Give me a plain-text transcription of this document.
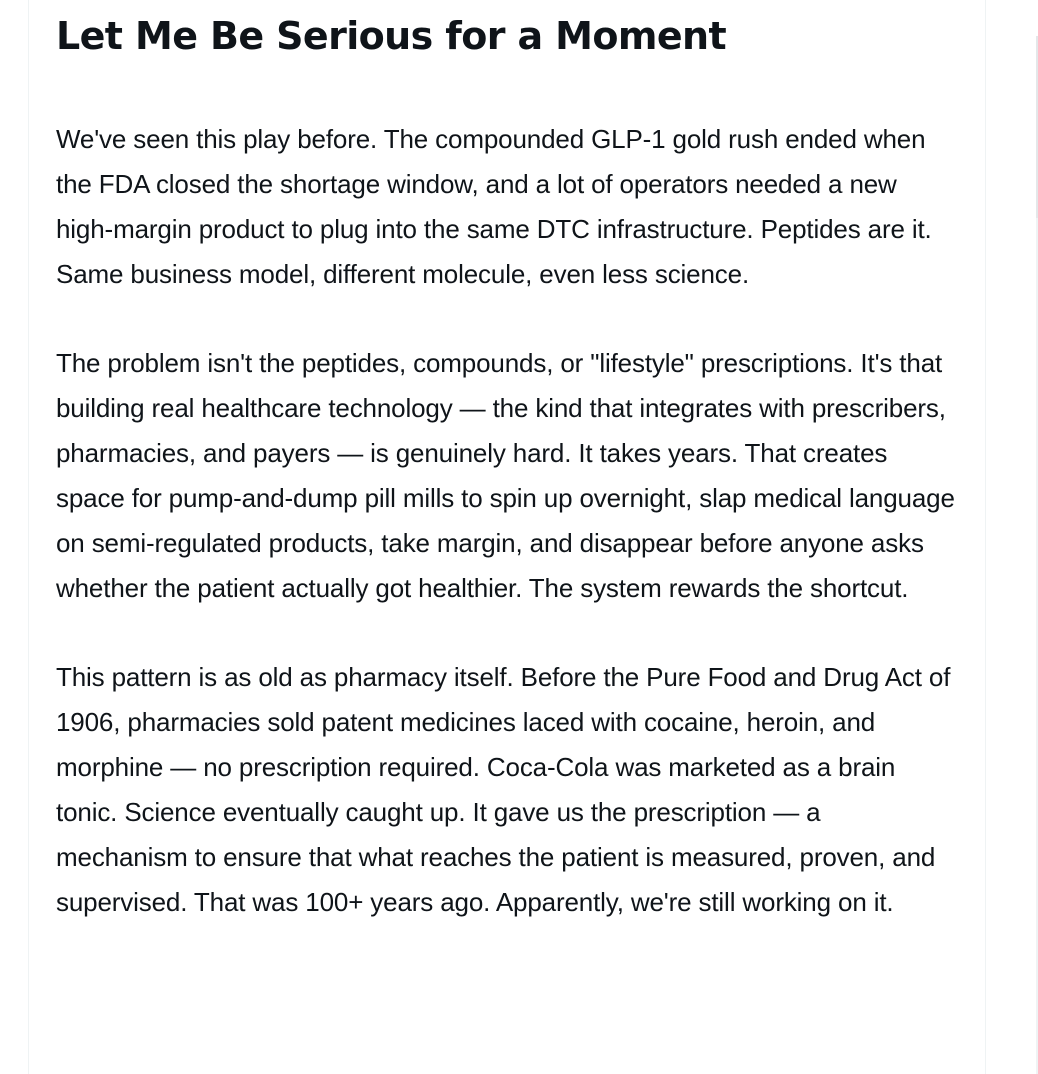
Let Me Be Serious for a Moment

We've seen this play before. The compounded GLP-1 gold rush ended when the FDA closed the shortage window, and a lot of operators needed a new high-margin product to plug into the same DTC infrastructure. Peptides are it. Same business model, different molecule, even less science.

The problem isn't the peptides, compounds, or "lifestyle" prescriptions. It's that building real healthcare technology — the kind that integrates with prescribers, pharmacies, and payers — is genuinely hard. It takes years. That creates space for pump-and-dump pill mills to spin up overnight, slap medical language on semi-regulated products, take margin, and disappear before anyone asks whether the patient actually got healthier. The system rewards the shortcut.

This pattern is as old as pharmacy itself. Before the Pure Food and Drug Act of 1906, pharmacies sold patent medicines laced with cocaine, heroin, and morphine — no prescription required. Coca-Cola was marketed as a brain tonic. Science eventually caught up. It gave us the prescription — a mechanism to ensure that what reaches the patient is measured, proven, and supervised. That was 100+ years ago. Apparently, we're still working on it.
